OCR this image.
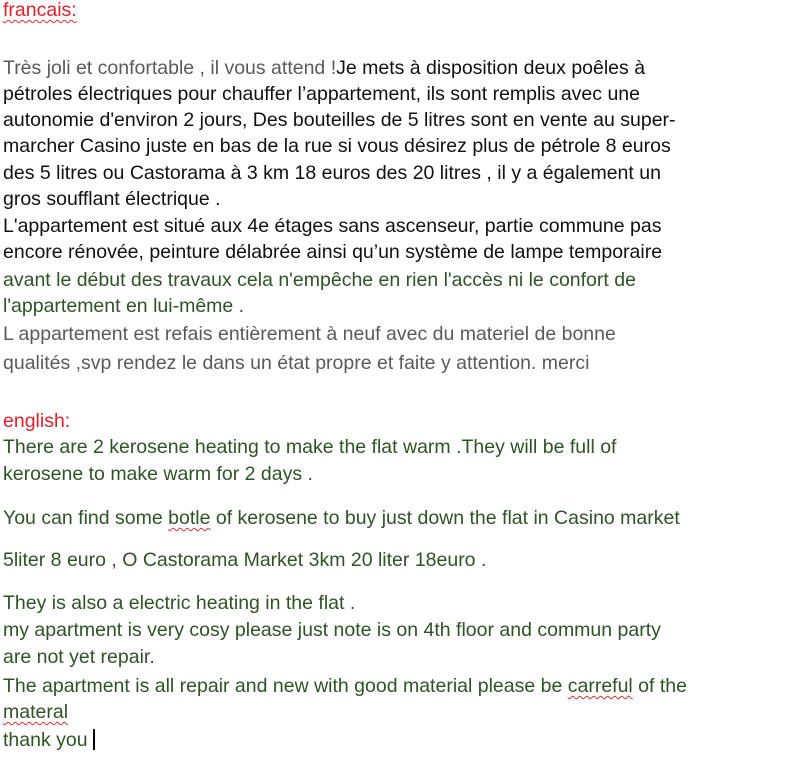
francais:
Très joli et confortable , il vous attend !Je mets à disposition deux poêles à
pétroles électriques pour chauffer l’appartement, ils sont remplis avec une
autonomie d'environ 2 jours, Des bouteilles de 5 litres sont en vente au super-
marcher Casino juste en bas de la rue si vous désirez plus de pétrole 8 euros
des 5 litres ou Castorama à 3 km 18 euros des 20 litres , il y a également un
gros soufflant électrique .
L'appartement est situé aux 4e étages sans ascenseur, partie commune pas
encore rénovée, peinture délabrée ainsi qu’un système de lampe temporaire
avant le début des travaux cela n'empêche en rien l'accès ni le confort de
l'appartement en lui-même .
L appartement est refais entièrement à neuf avec du materiel de bonne
qualités ,svp rendez le dans un état propre et faite y attention. merci
english:
There are 2 kerosene heating to make the flat warm .They will be full of
kerosene to make warm for 2 days .
You can find some botle of kerosene to buy just down the flat in Casino market
5liter 8 euro , O Castorama Market 3km 20 liter 18euro .
They is also a electric heating in the flat .
my apartment is very cosy please just note is on 4th floor and commun party
are not yet repair.
The apartment is all repair and new with good material please be carreful of the
materal
thank you
